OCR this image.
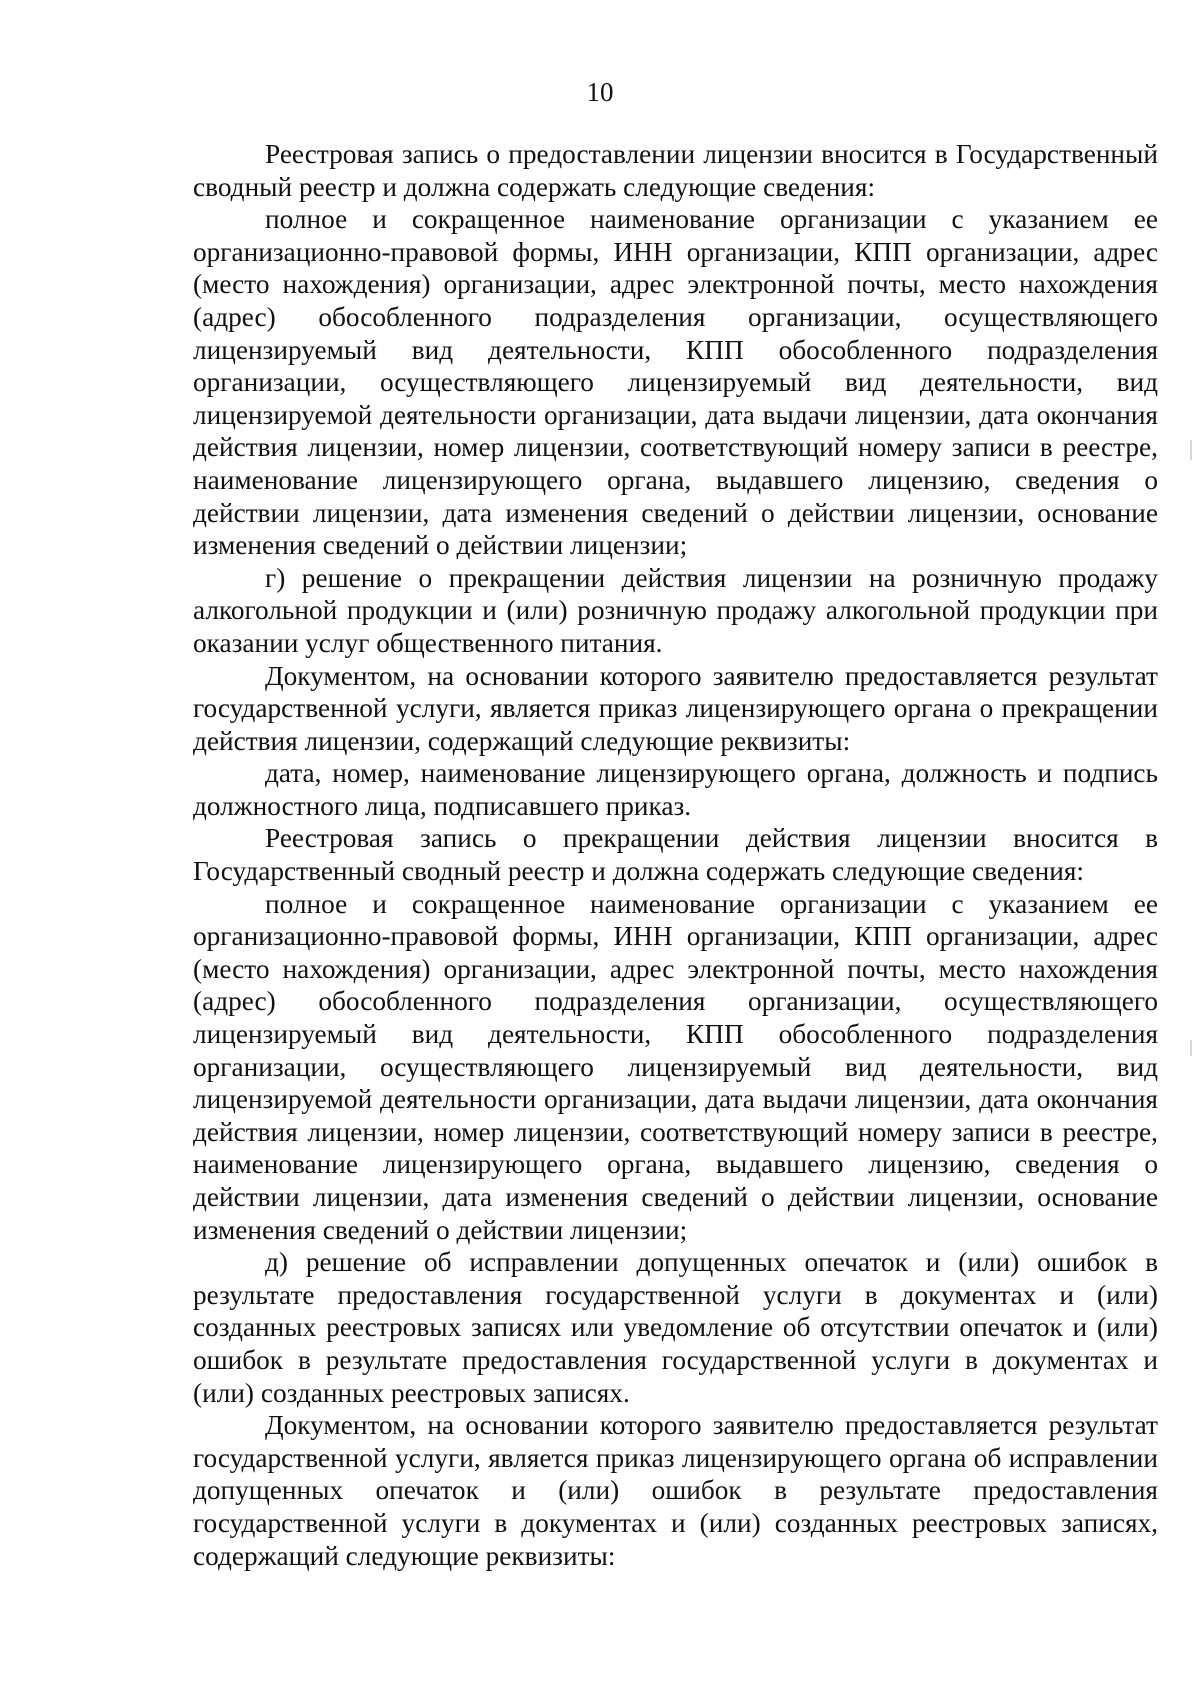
10

Реестровая запись о предоставлении лицензии вносится в Государственный сводный реестр и должна содержать следующие сведения:

полное и сокращенное наименование организации с указанием ее организационно-правовой формы, ИНН организации, КПП организации, адрес (место нахождения) организации, адрес электронной почты, место нахождения (адрес) обособленного подразделения организации, осуществляющего лицензируемый вид деятельности, КПП обособленного подразделения организации, осуществляющего лицензируемый вид деятельности, вид лицензируемой деятельности организации, дата выдачи лицензии, дата окончания действия лицензии, номер лицензии, соответствующий номеру записи в реестре, наименование лицензирующего органа, выдавшего лицензию, сведения о действии лицензии, дата изменения сведений о действии лицензии, основание изменения сведений о действии лицензии;

г) решение о прекращении действия лицензии на розничную продажу алкогольной продукции и (или) розничную продажу алкогольной продукции при оказании услуг общественного питания.

Документом, на основании которого заявителю предоставляется результат государственной услуги, является приказ лицензирующего органа о прекращении действия лицензии, содержащий следующие реквизиты:

дата, номер, наименование лицензирующего органа, должность и подпись должностного лица, подписавшего приказ.

Реестровая запись о прекращении действия лицензии вносится в Государственный сводный реестр и должна содержать следующие сведения:

полное и сокращенное наименование организации с указанием ее организационно-правовой формы, ИНН организации, КПП организации, адрес (место нахождения) организации, адрес электронной почты, место нахождения (адрес) обособленного подразделения организации, осуществляющего лицензируемый вид деятельности, КПП обособленного подразделения организации, осуществляющего лицензируемый вид деятельности, вид лицензируемой деятельности организации, дата выдачи лицензии, дата окончания действия лицензии, номер лицензии, соответствующий номеру записи в реестре, наименование лицензирующего органа, выдавшего лицензию, сведения о действии лицензии, дата изменения сведений о действии лицензии, основание изменения сведений о действии лицензии;

д) решение об исправлении допущенных опечаток и (или) ошибок в результате предоставления государственной услуги в документах и (или) созданных реестровых записях или уведомление об отсутствии опечаток и (или) ошибок в результате предоставления государственной услуги в документах и (или) созданных реестровых записях.

Документом, на основании которого заявителю предоставляется результат государственной услуги, является приказ лицензирующего органа об исправлении допущенных опечаток и (или) ошибок в результате предоставления государственной услуги в документах и (или) созданных реестровых записях, содержащий следующие реквизиты:
